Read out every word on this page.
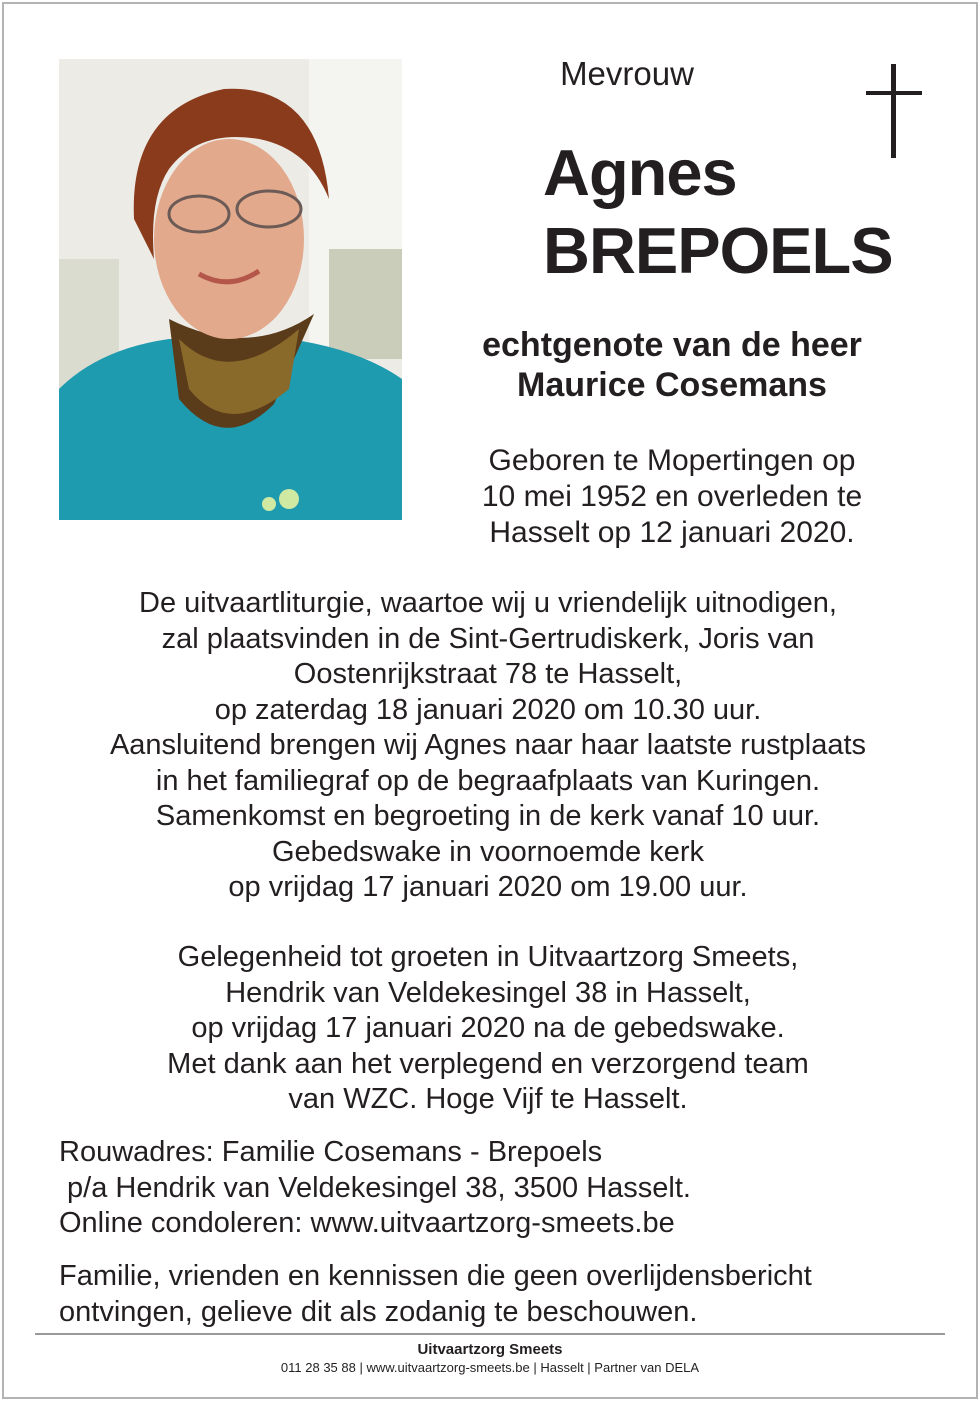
Mevrouw
Agnes
BREPOELS
echtgenote van de heer
Maurice Cosemans
Geboren te Mopertingen op
10 mei 1952 en overleden te
Hasselt op 12 januari 2020.
De uitvaartliturgie, waartoe wij u vriendelijk uitnodigen,
zal plaatsvinden in de Sint-Gertrudiskerk, Joris van
Oostenrijkstraat 78 te Hasselt,
op zaterdag 18 januari 2020 om 10.30 uur.
Aansluitend brengen wij Agnes naar haar laatste rustplaats
in het familiegraf op de begraafplaats van Kuringen.
Samenkomst en begroeting in de kerk vanaf 10 uur.
Gebedswake in voornoemde kerk
op vrijdag 17 januari 2020 om 19.00 uur.
Gelegenheid tot groeten in Uitvaartzorg Smeets,
Hendrik van Veldekesingel 38 in Hasselt,
op vrijdag 17 januari 2020 na de gebedswake.
Met dank aan het verplegend en verzorgend team
van WZC. Hoge Vijf te Hasselt.
Rouwadres: Familie Cosemans - Brepoels
p/a Hendrik van Veldekesingel 38, 3500 Hasselt.
Online condoleren: www.uitvaartzorg-smeets.be
Familie, vrienden en kennissen die geen overlijdensbericht
ontvingen, gelieve dit als zodanig te beschouwen.
Uitvaartzorg Smeets
011 28 35 88 | www.uitvaartzorg-smeets.be | Hasselt | Partner van DELA
